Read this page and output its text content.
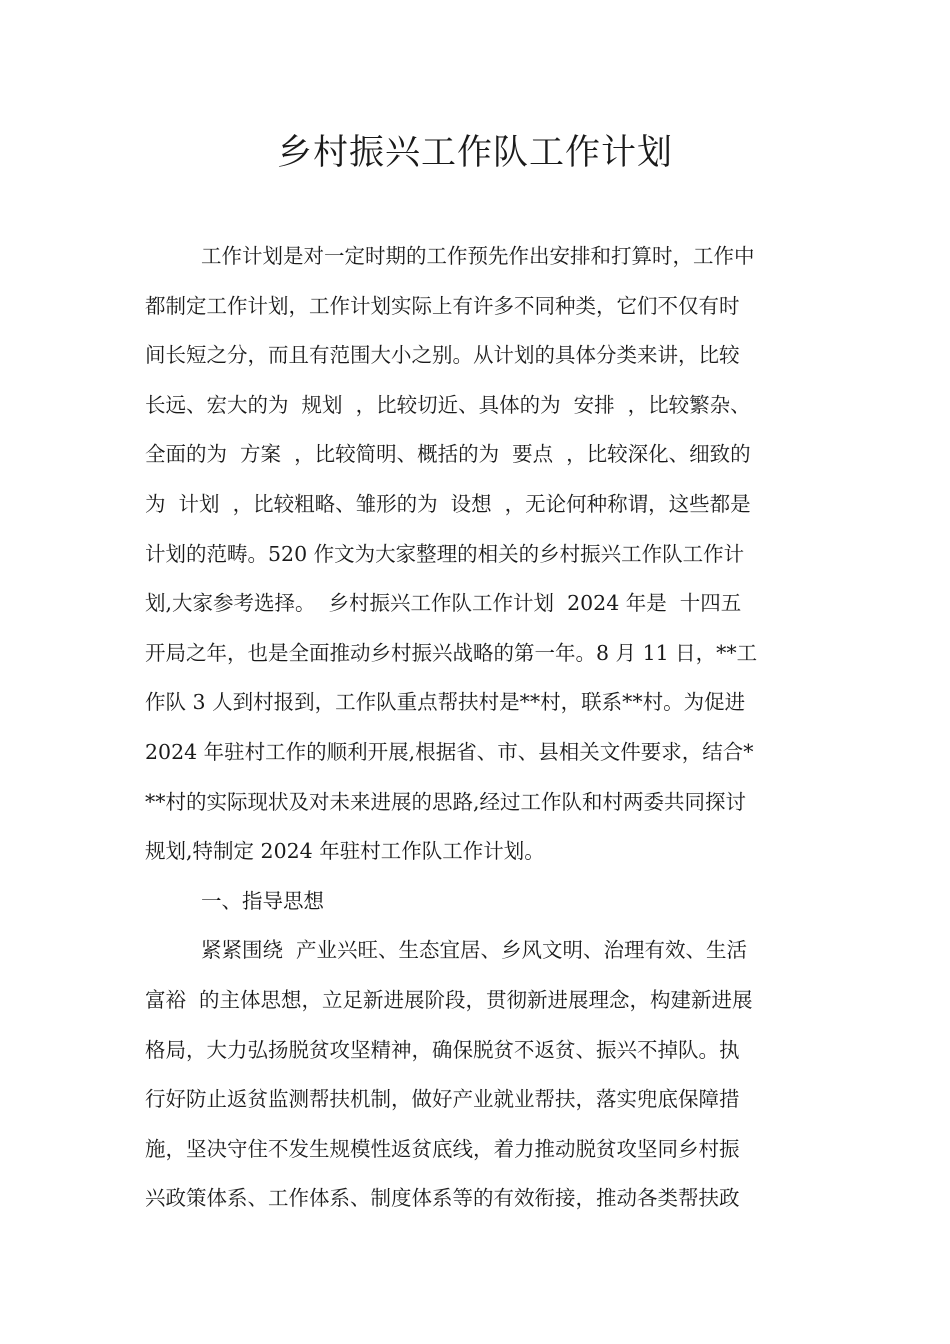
乡村振兴工作队工作计划
工作计划是对一定时期的工作预先作出安排和打算时，工作中
都制定工作计划，工作计划实际上有许多不同种类，它们不仅有时
间长短之分，而且有范围大小之别。从计划的具体分类来讲，比较
长远、宏大的为  规划  ，比较切近、具体的为  安排  ，比较繁杂、
全面的为  方案  ，比较简明、概括的为  要点  ，比较深化、细致的
为  计划  ，比较粗略、雏形的为  设想  ，无论何种称谓，这些都是
计划的范畴。520 作文为大家整理的相关的乡村振兴工作队工作计
划,大家参考选择。  乡村振兴工作队工作计划  2024 年是  十四五
开局之年，也是全面推动乡村振兴战略的第一年。8 月 11 日，**工
作队 3 人到村报到，工作队重点帮扶村是**村，联系**村。为促进
2024 年驻村工作的顺利开展,根据省、市、县相关文件要求，结合*
**村的实际现状及对未来进展的思路,经过工作队和村两委共同探讨
规划,特制定 2024 年驻村工作队工作计划。
一、指导思想
紧紧围绕  产业兴旺、生态宜居、乡风文明、治理有效、生活
富裕  的主体思想，立足新进展阶段，贯彻新进展理念，构建新进展
格局，大力弘扬脱贫攻坚精神，确保脱贫不返贫、振兴不掉队。执
行好防止返贫监测帮扶机制，做好产业就业帮扶，落实兜底保障措
施，坚决守住不发生规模性返贫底线，着力推动脱贫攻坚同乡村振
兴政策体系、工作体系、制度体系等的有效衔接，推动各类帮扶政
